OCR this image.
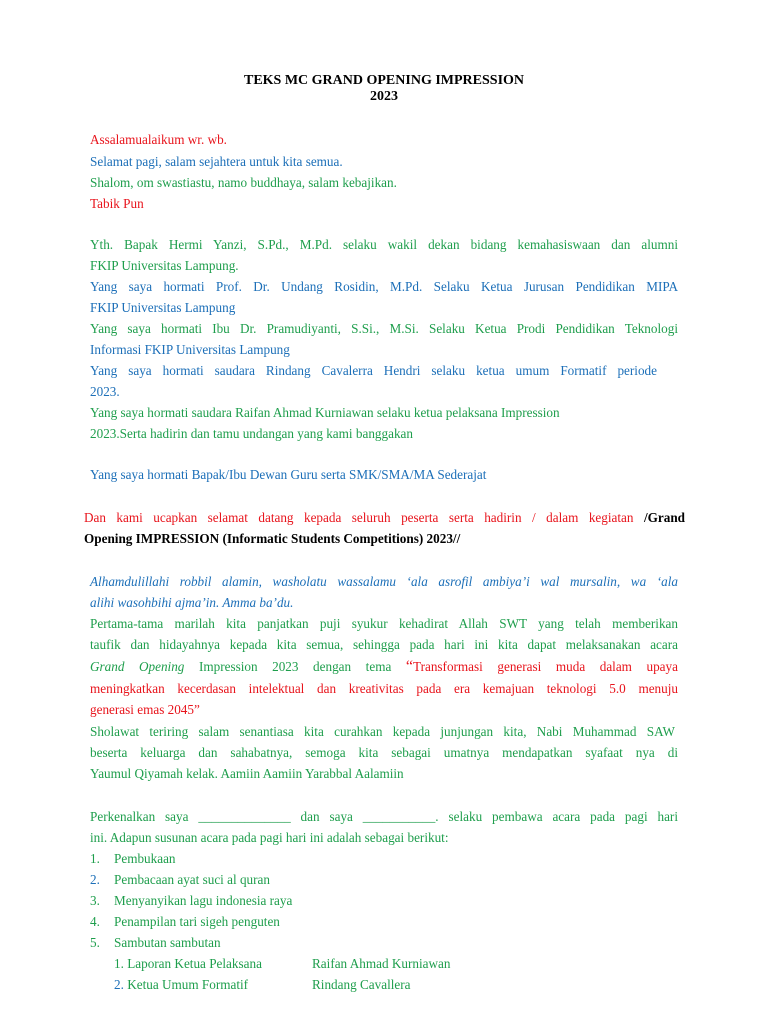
TEKS MC GRAND OPENING IMPRESSION
2023
Assalamualaikum wr. wb.
Selamat pagi, salam sejahtera untuk kita semua.
Shalom, om swastiastu, namo buddhaya, salam kebajikan.
Tabik Pun
Yth. Bapak Hermi Yanzi, S.Pd., M.Pd. selaku wakil dekan bidang kemahasiswaan dan alumni
FKIP Universitas Lampung.
Yang saya hormati Prof. Dr. Undang Rosidin, M.Pd. Selaku Ketua Jurusan Pendidikan MIPA
FKIP Universitas Lampung
Yang saya hormati Ibu Dr. Pramudiyanti, S.Si., M.Si. Selaku Ketua Prodi Pendidikan Teknologi
Informasi FKIP Universitas Lampung
Yang saya hormati saudara Rindang Cavalerra Hendri selaku ketua umum Formatif periode
2023.
Yang saya hormati saudara Raifan Ahmad Kurniawan selaku ketua pelaksana Impression
2023.Serta hadirin dan tamu undangan yang kami banggakan
Yang saya hormati Bapak/Ibu Dewan Guru serta SMK/SMA/MA Sederajat
Dan kami ucapkan selamat datang kepada seluruh peserta serta hadirin / dalam kegiatan /Grand
Opening IMPRESSION (Informatic Students Competitions) 2023//
Alhamdulillahi robbil alamin, washolatu wassalamu ‘ala asrofil ambiya’i wal mursalin, wa ‘ala
alihi wasohbihi ajma’in. Amma ba’du.
Pertama-tama marilah kita panjatkan puji syukur kehadirat Allah SWT yang telah memberikan
taufik dan hidayahnya kepada kita semua, sehingga pada hari ini kita dapat melaksanakan acara
Grand Opening Impression 2023 dengan tema “Transformasi generasi muda dalam upaya
meningkatkan kecerdasan intelektual dan kreativitas pada era kemajuan teknologi 5.0 menuju
generasi emas 2045”
Sholawat teriring salam senantiasa kita curahkan kepada junjungan kita, Nabi Muhammad SAW
beserta keluarga dan sahabatnya, semoga kita sebagai umatnya mendapatkan syafaat nya di
Yaumul Qiyamah kelak. Aamiin Aamiin Yarabbal Aalamiin
Perkenalkan saya ______________ dan saya ___________. selaku pembawa acara pada pagi hari
ini. Adapun susunan acara pada pagi hari ini adalah sebagai berikut:
1. Pembukaan
2. Pembacaan ayat suci al quran
3. Menyanyikan lagu indonesia raya
4. Penampilan tari sigeh penguten
5. Sambutan sambutan
1. Laporan Ketua Pelaksana	Raifan Ahmad Kurniawan
2. Ketua Umum Formatif	Rindang Cavallera
